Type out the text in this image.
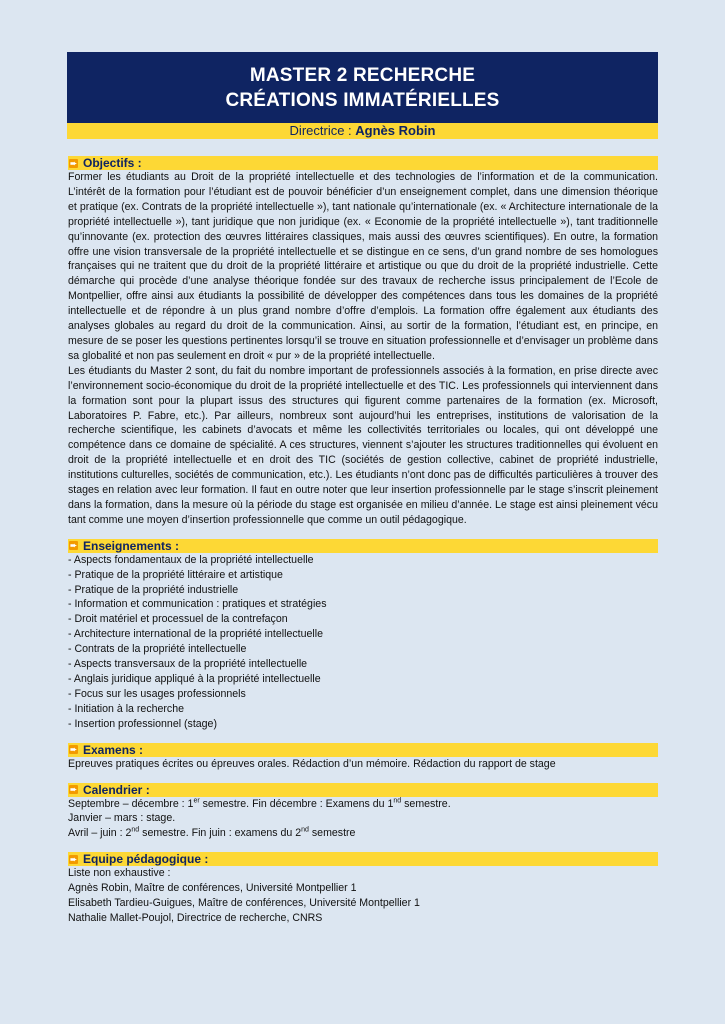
MASTER 2 RECHERCHE
CRÉATIONS IMMATÉRIELLES
Directrice : Agnès Robin
➨ Objectifs :
Former les étudiants au Droit de la propriété intellectuelle et des technologies de l’information et de la communication. L’intérêt de la formation pour l’étudiant est de pouvoir bénéficier d’un enseignement complet, dans une dimension théorique et pratique (ex. Contrats de la propriété intellectuelle »), tant nationale qu’internationale (ex. « Architecture internationale de la propriété intellectuelle »), tant juridique que non juridique (ex. « Economie de la propriété intellectuelle »), tant traditionnelle qu’innovante (ex. protection des œuvres littéraires classiques, mais aussi des œuvres scientifiques). En outre, la formation offre une vision transversale de la propriété intellectuelle et se distingue en ce sens, d’un grand nombre de ses homologues françaises qui ne traitent que du droit de la propriété littéraire et artistique ou que du droit de la propriété industrielle. Cette démarche qui procède d’une analyse théorique fondée sur des travaux de recherche issus principalement de l’Ecole de Montpellier, offre ainsi aux étudiants la possibilité de développer des compétences dans tous les domaines de la propriété intellectuelle et de répondre à un plus grand nombre d’offre d’emplois. La formation offre également aux étudiants des analyses globales au regard du droit de la communication. Ainsi, au sortir de la formation, l’étudiant est, en principe, en mesure de se poser les questions pertinentes lorsqu’il se trouve en situation professionnelle et d’envisager un problème dans sa globalité et non pas seulement en droit « pur » de la propriété intellectuelle.
Les étudiants du Master 2 sont, du fait du nombre important de professionnels associés à la formation, en prise directe avec l’environnement socio-économique du droit de la propriété intellectuelle et des TIC. Les professionnels qui interviennent dans la formation sont pour la plupart issus des structures qui figurent comme partenaires de la formation (ex. Microsoft, Laboratoires P. Fabre, etc.). Par ailleurs, nombreux sont aujourd’hui les entreprises, institutions de valorisation de la recherche scientifique, les cabinets d’avocats et même les collectivités territoriales ou locales, qui ont développé une compétence dans ce domaine de spécialité. A ces structures, viennent s’ajouter les structures traditionnelles qui évoluent en droit de la propriété intellectuelle et en droit des TIC (sociétés de gestion collective, cabinet de propriété industrielle, institutions culturelles, sociétés de communication, etc.). Les étudiants n’ont donc pas de difficultés particulières à trouver des stages en relation avec leur formation. Il faut en outre noter que leur insertion professionnelle par le stage s’inscrit pleinement dans la formation, dans la mesure où la période du stage est organisée en milieu d’année. Le stage est ainsi pleinement vécu tant comme une moyen d’insertion professionnelle que comme un outil pédagogique.
➨ Enseignements :
- Aspects fondamentaux de la propriété intellectuelle
- Pratique de la propriété littéraire et artistique
- Pratique de la propriété industrielle
- Information et communication : pratiques et stratégies
- Droit matériel et processuel de la contrefaçon
- Architecture international de la propriété intellectuelle
- Contrats de la propriété intellectuelle
- Aspects transversaux de la propriété intellectuelle
- Anglais juridique appliqué à la propriété intellectuelle
- Focus sur les usages professionnels
- Initiation à la recherche
- Insertion professionnel (stage)
➨ Examens :
Epreuves pratiques écrites ou épreuves orales. Rédaction d’un mémoire. Rédaction du rapport de stage
➨ Calendrier :
Septembre – décembre : 1er semestre. Fin décembre : Examens du 1nd semestre.
Janvier – mars : stage.
Avril – juin : 2nd semestre. Fin juin : examens du 2nd semestre
➨ Equipe pédagogique :
Liste non exhaustive :
Agnès Robin, Maître de conférences, Université Montpellier 1
Elisabeth Tardieu-Guigues, Maître de conférences, Université Montpellier 1
Nathalie Mallet-Poujol, Directrice de recherche, CNRS
